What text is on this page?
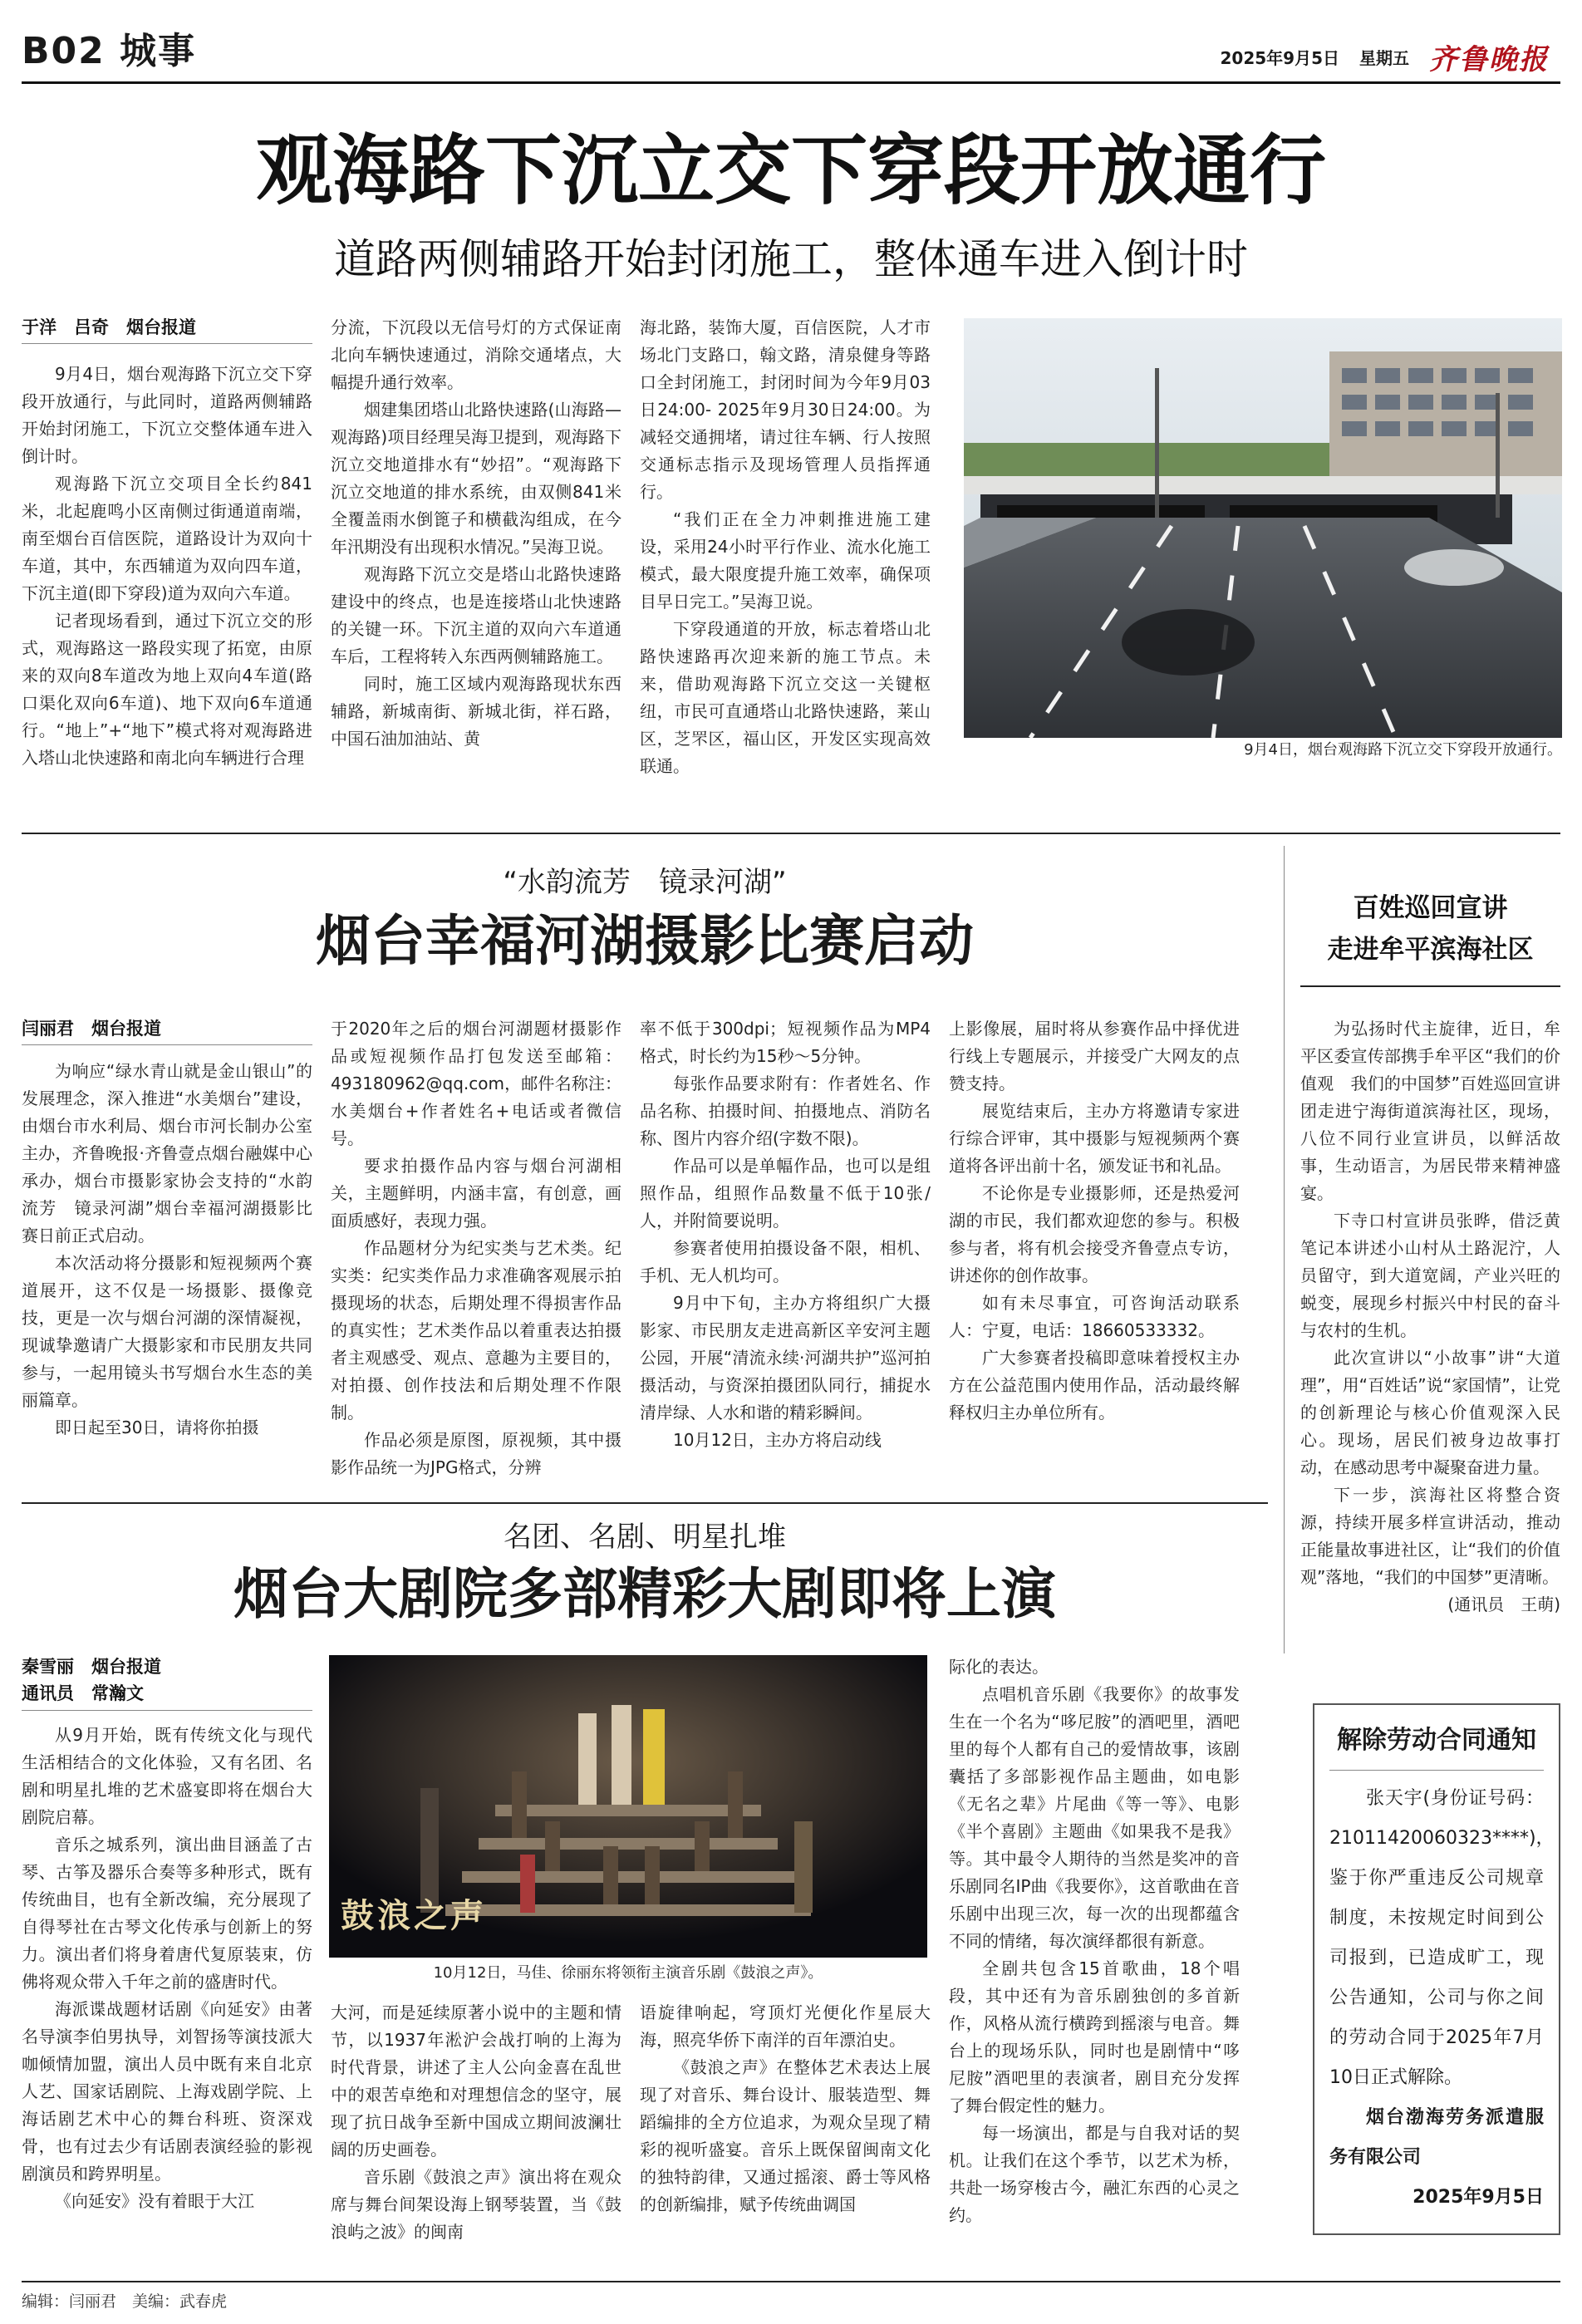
B02 城事	2025年9月5日 星期五 齐鲁晚报
观海路下沉立交下穿段开放通行
道路两侧辅路开始封闭施工，整体通车进入倒计时
于洋　吕奇　烟台报道

9月4日，烟台观海路下沉立交下穿段开放通行，与此同时，道路两侧辅路开始封闭施工，下沉立交整体通车进入倒计时。

观海路下沉立交项目全长约841米，北起鹿鸣小区南侧过街通道南端，南至烟台百信医院，道路设计为双向十车道，其中，东西辅道为双向四车道，下沉主道(即下穿段)道为双向六车道。

记者现场看到，通过下沉立交的形式，观海路这一路段实现了拓宽，由原来的双向8车道改为地上双向4车道(路口渠化双向6车道)、地下双向6车道通行。“地上”+“地下”模式将对观海路进入塔山北快速路和南北向车辆进行合理

分流，下沉段以无信号灯的方式保证南北向车辆快速通过，消除交通堵点，大幅提升通行效率。

烟建集团塔山北路快速路(山海路—观海路)项目经理吴海卫提到，观海路下沉立交地道排水有“妙招”。“观海路下沉立交地道的排水系统，由双侧841米全覆盖雨水倒篦子和横截沟组成，在今年汛期没有出现积水情况。”吴海卫说。

观海路下沉立交是塔山北路快速路建设中的终点，也是连接塔山北快速路的关键一环。下沉主道的双向六车道通车后，工程将转入东西两侧辅路施工。

同时，施工区域内观海路现状东西辅路，新城南街、新城北街，祥石路，中国石油加油站、黄

海北路，装饰大厦，百信医院，人才市场北门支路口，翰文路，清泉健身等路口全封闭施工，封闭时间为今年9月03日24:00- 2025年9月30日24:00。为减轻交通拥堵，请过往车辆、行人按照交通标志指示及现场管理人员指挥通行。

“我们正在全力冲刺推进施工建设，采用24小时平行作业、流水化施工模式，最大限度提升施工效率，确保项目早日完工。”吴海卫说。

下穿段通道的开放，标志着塔山北路快速路再次迎来新的施工节点。未来，借助观海路下沉立交这一关键枢纽，市民可直通塔山北路快速路，莱山区，芝罘区，福山区，开发区实现高效联通。

9月4日，烟台观海路下沉立交下穿段开放通行。
“水韵流芳　镜录河湖”
烟台幸福河湖摄影比赛启动
闫丽君　烟台报道

为响应“绿水青山就是金山银山”的发展理念，深入推进“水美烟台”建设，由烟台市水利局、烟台市河长制办公室主办，齐鲁晚报·齐鲁壹点烟台融媒中心承办，烟台市摄影家协会支持的“水韵流芳　镜录河湖”烟台幸福河湖摄影比赛日前正式启动。

本次活动将分摄影和短视频两个赛道展开，这不仅是一场摄影、摄像竞技，更是一次与烟台河湖的深情凝视，现诚挚邀请广大摄影家和市民朋友共同参与，一起用镜头书写烟台水生态的美丽篇章。

即日起至30日，请将你拍摄

于2020年之后的烟台河湖题材摄影作品或短视频作品打包发送至邮箱：493180962@qq.com，邮件名称注：水美烟台+作者姓名+电话或者微信号。

要求拍摄作品内容与烟台河湖相关，主题鲜明，内涵丰富，有创意，画面质感好，表现力强。

作品题材分为纪实类与艺术类。纪实类：纪实类作品力求准确客观展示拍摄现场的状态，后期处理不得损害作品的真实性；艺术类作品以着重表达拍摄者主观感受、观点、意趣为主要目的，对拍摄、创作技法和后期处理不作限制。

作品必须是原图，原视频，其中摄影作品统一为JPG格式，分辨

率不低于300dpi；短视频作品为MP4格式，时长约为15秒～5分钟。

每张作品要求附有：作者姓名、作品名称、拍摄时间、拍摄地点、消防名称、图片内容介绍(字数不限)。

作品可以是单幅作品，也可以是组照作品，组照作品数量不低于10张/人，并附简要说明。

参赛者使用拍摄设备不限，相机、手机、无人机均可。

9月中下旬，主办方将组织广大摄影家、市民朋友走进高新区辛安河主题公园，开展“清流永续·河湖共护”巡河拍摄活动，与资深拍摄团队同行，捕捉水清岸绿、人水和谐的精彩瞬间。

10月12日，主办方将启动线

上影像展，届时将从参赛作品中择优进行线上专题展示，并接受广大网友的点赞支持。

展览结束后，主办方将邀请专家进行综合评审，其中摄影与短视频两个赛道将各评出前十名，颁发证书和礼品。

不论你是专业摄影师，还是热爱河湖的市民，我们都欢迎您的参与。积极参与者，将有机会接受齐鲁壹点专访，讲述你的创作故事。

如有未尽事宜，可咨询活动联系人：宁夏，电话：18660533332。

广大参赛者投稿即意味着授权主办方在公益范围内使用作品，活动最终解释权归主办单位所有。

百姓巡回宣讲
走进牟平滨海社区

为弘扬时代主旋律，近日，牟平区委宣传部携手牟平区“我们的价值观　我们的中国梦”百姓巡回宣讲团走进宁海街道滨海社区，现场，八位不同行业宣讲员，以鲜活故事，生动语言，为居民带来精神盛宴。

下寺口村宣讲员张晔，借泛黄笔记本讲述小山村从土路泥泞，人员留守，到大道宽阔，产业兴旺的蜕变，展现乡村振兴中村民的奋斗与农村的生机。

此次宣讲以“小故事”讲“大道理”，用“百姓话”说“家国情”，让党的创新理论与核心价值观深入民心。现场，居民们被身边故事打动，在感动思考中凝聚奋进力量。

下一步，滨海社区将整合资源，持续开展多样宣讲活动，推动正能量故事进社区，让“我们的价值观”落地，“我们的中国梦”更清晰。

(通讯员　王萌)

名团、名剧、明星扎堆
烟台大剧院多部精彩大剧即将上演
秦雪丽　烟台报道
通讯员　常瀚文

从9月开始，既有传统文化与现代生活相结合的文化体验，又有名团、名剧和明星扎堆的艺术盛宴即将在烟台大剧院启幕。

音乐之城系列，演出曲目涵盖了古琴、古筝及器乐合奏等多种形式，既有传统曲目，也有全新改编，充分展现了自得琴社在古琴文化传承与创新上的努力。演出者们将身着唐代复原装束，仿佛将观众带入千年之前的盛唐时代。

海派谍战题材话剧《向延安》由著名导演李伯男执导，刘智扬等演技派大咖倾情加盟，演出人员中既有来自北京人艺、国家话剧院、上海戏剧学院、上海话剧艺术中心的舞台科班、资深戏骨，也有过去少有话剧表演经验的影视剧演员和跨界明星。

《向延安》没有着眼于大江

鼓浪之声
10月12日，马佳、徐丽东将领衔主演音乐剧《鼓浪之声》。

大河，而是延续原著小说中的主题和情节，以1937年淞沪会战打响的上海为时代背景，讲述了主人公向金喜在乱世中的艰苦卓绝和对理想信念的坚守，展现了抗日战争至新中国成立期间波澜壮阔的历史画卷。

音乐剧《鼓浪之声》演出将在观众席与舞台间架设海上钢琴装置，当《鼓浪屿之波》的闽南

语旋律响起，穹顶灯光便化作星辰大海，照亮华侨下南洋的百年漂泊史。

《鼓浪之声》在整体艺术表达上展现了对音乐、舞台设计、服装造型、舞蹈编排的全方位追求，为观众呈现了精彩的视听盛宴。音乐上既保留闽南文化的独特韵律，又通过摇滚、爵士等风格的创新编排，赋予传统曲调国

际化的表达。

点唱机音乐剧《我要你》的故事发生在一个名为“哆尼胺”的酒吧里，酒吧里的每个人都有自己的爱情故事，该剧囊括了多部影视作品主题曲，如电影《无名之辈》片尾曲《等一等》、电影《半个喜剧》主题曲《如果我不是我》等。其中最令人期待的当然是奖冲的音乐剧同名IP曲《我要你》，这首歌曲在音乐剧中出现三次，每一次的出现都蕴含不同的情绪，每次演绎都很有新意。

全剧共包含15首歌曲，18个唱段，其中还有为音乐剧独创的多首新作，风格从流行横跨到摇滚与电音。舞台上的现场乐队，同时也是剧情中“哆尼胺”酒吧里的表演者，剧目充分发挥了舞台假定性的魅力。

每一场演出，都是与自我对话的契机。让我们在这个季节，以艺术为桥，共赴一场穿梭古今，融汇东西的心灵之约。

解除劳动合同通知

张天宇(身份证号码：21011420060323****)，鉴于你严重违反公司规章制度，未按规定时间到公司报到，已造成旷工，现公告通知，公司与你之间的劳动合同于2025年7月10日正式解除。

烟台渤海劳务派遣服务有限公司

2025年9月5日

编辑：闫丽君　美编：武春虎
